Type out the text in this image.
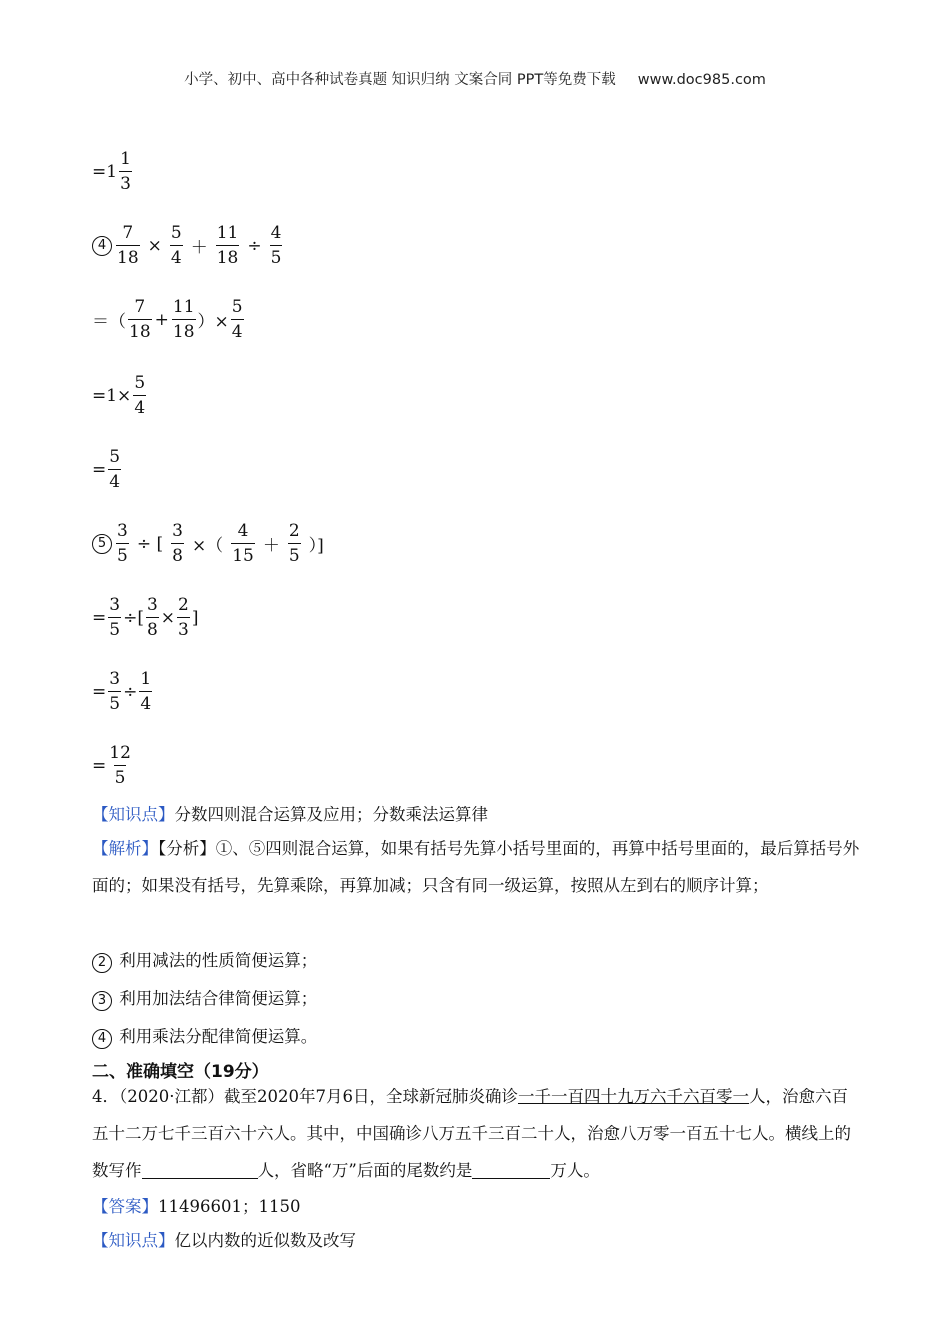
小学、初中、高中各种试卷真题 知识归纳 文案合同 PPT等免费下载 www.doc985.com
$=1 \frac{1}{3}$
$4 \frac{7}{18} \times \frac{5}{4} + \frac{11}{18} \div \frac{4}{5}$
＝（ $\frac{7}{18} + \frac{11}{18}$ ）× $\frac{5}{4}$
$=1\times \frac{5}{4}$
= $\frac{5}{4}$
$5 \frac{3}{5}$ ÷ [ $\frac{3}{8}$ ×（ $\frac{4}{15} + \frac{2}{5}$ ）]
= $\frac{3}{5}$ ÷[ $\frac{3}{8} \times \frac{2}{3}$ ]
= $\frac{3}{5} \div \frac{1}{4}$
= $\frac{12}{5}$
【知识点】分数四则混合运算及应用；分数乘法运算律
【解析】【分析】①、⑤四则混合运算，如果有括号先算小括号里面的，再算中括号里面的，最后算括号外面的；如果没有括号，先算乘除，再算加减；只含有同一级运算，按照从左到右的顺序计算；
2 利用减法的性质简便运算；
3 利用加法结合律简便运算；
4 利用乘法分配律简便运算。
二、准确填空（19分）
4．（2020·江都）截至2020年7月6日，全球新冠肺炎确诊一千一百四十九万六千六百零一人，治愈六百五十二万七千三百六十六人。其中，中国确诊八万五千三百二十人，治愈八万零一百五十七人。横线上的数写作	人，省略“万”后面的尾数约是	万人。
【答案】11496601；1150
【知识点】亿以内数的近似数及改写
